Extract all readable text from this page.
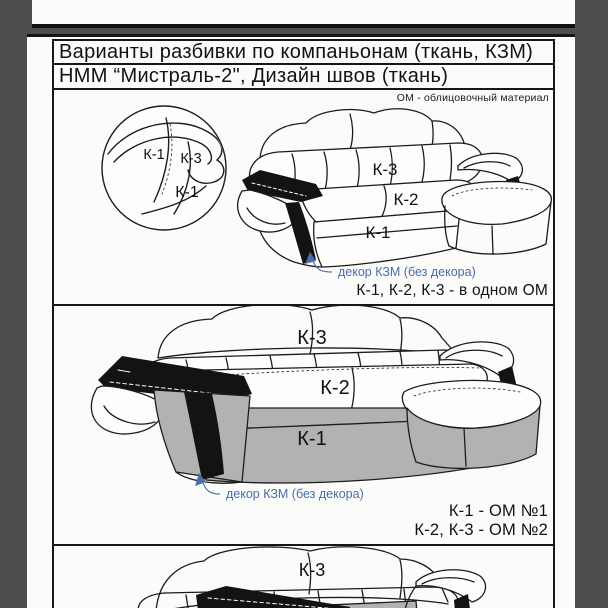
Варианты разбивки по компаньонам (ткань, КЗМ)
НММ “Мистраль-2", Дизайн швов (ткань)
ОМ - облицовочный материал
К-1 К-3
К-1
К-3
К-2
К-1
декор КЗМ (без декора)
К-1, К-2, К-3 - в одном ОМ
К-3
К-2
К-1
декор КЗМ (без декора)
К-1 - ОМ №1
К-2, К-3 - ОМ №2
К-3
